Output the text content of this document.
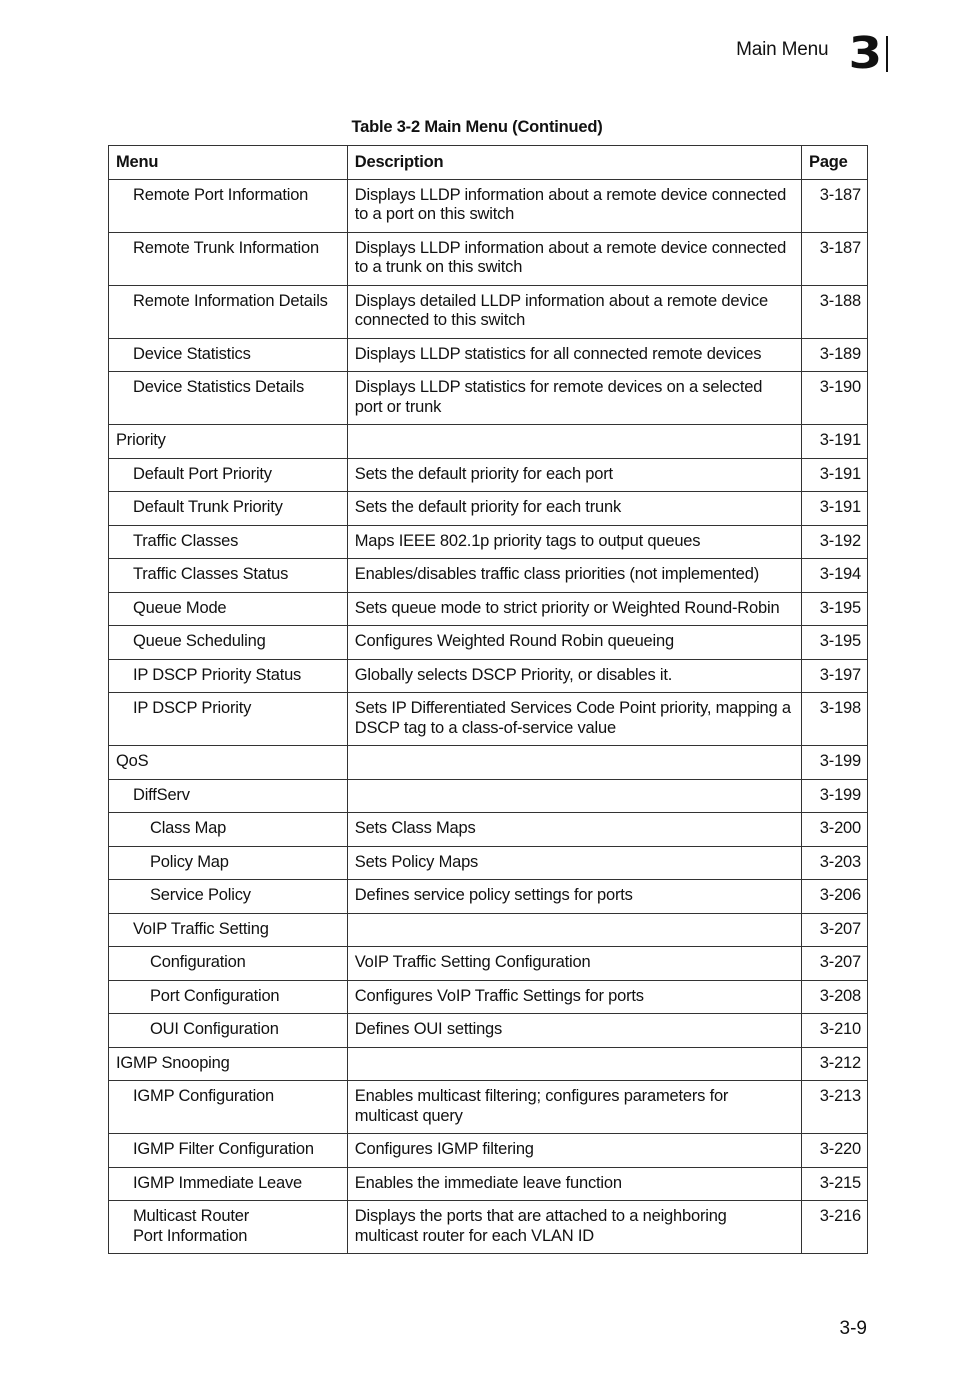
Main Menu 3
Table 3-2 Main Menu (Continued)
Menu	Description	Page
Remote Port Information	Displays LLDP information about a remote device connected to a port on this switch	3-187
Remote Trunk Information	Displays LLDP information about a remote device connected to a trunk on this switch	3-187
Remote Information Details	Displays detailed LLDP information about a remote device connected to this switch	3-188
Device Statistics	Displays LLDP statistics for all connected remote devices	3-189
Device Statistics Details	Displays LLDP statistics for remote devices on a selected port or trunk	3-190
Priority		3-191
Default Port Priority	Sets the default priority for each port	3-191
Default Trunk Priority	Sets the default priority for each trunk	3-191
Traffic Classes	Maps IEEE 802.1p priority tags to output queues	3-192
Traffic Classes Status	Enables/disables traffic class priorities (not implemented)	3-194
Queue Mode	Sets queue mode to strict priority or Weighted Round-Robin	3-195
Queue Scheduling	Configures Weighted Round Robin queueing	3-195
IP DSCP Priority Status	Globally selects DSCP Priority, or disables it.	3-197
IP DSCP Priority	Sets IP Differentiated Services Code Point priority, mapping a DSCP tag to a class-of-service value	3-198
QoS		3-199
DiffServ		3-199
Class Map	Sets Class Maps	3-200
Policy Map	Sets Policy Maps	3-203
Service Policy	Defines service policy settings for ports	3-206
VoIP Traffic Setting		3-207
Configuration	VoIP Traffic Setting Configuration	3-207
Port Configuration	Configures VoIP Traffic Settings for ports	3-208
OUI Configuration	Defines OUI settings	3-210
IGMP Snooping		3-212
IGMP Configuration	Enables multicast filtering; configures parameters for multicast query	3-213
IGMP Filter Configuration	Configures IGMP filtering	3-220
IGMP Immediate Leave	Enables the immediate leave function	3-215
Multicast Router
Port Information	Displays the ports that are attached to a neighboring multicast router for each VLAN ID	3-216
3-9
